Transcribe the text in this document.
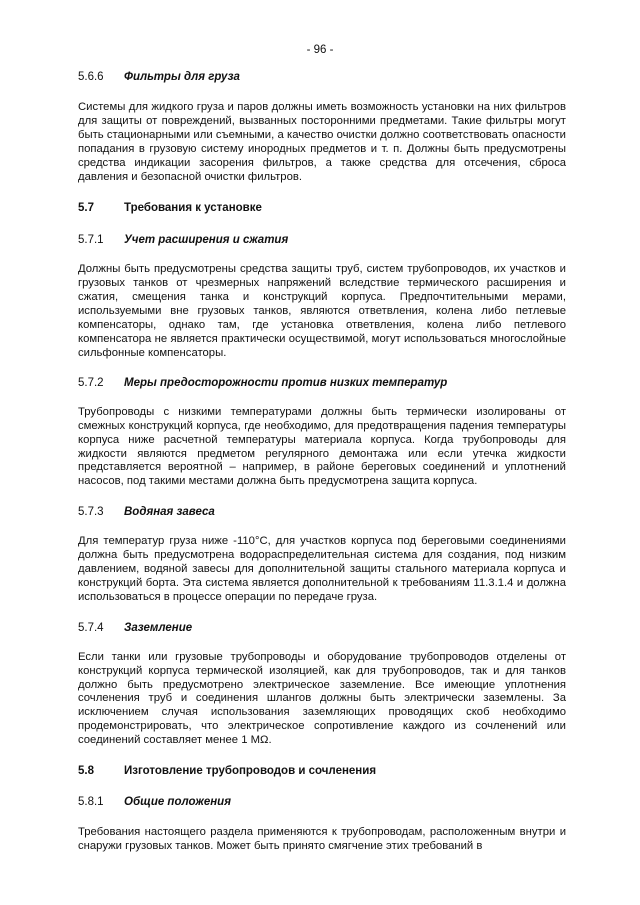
- 96 -
5.6.6	Фильтры для груза

Системы для жидкого груза и паров должны иметь возможность установки на них фильтров для защиты от повреждений, вызванных посторонними предметами. Такие фильтры могут быть стационарными или съемными, а качество очистки должно соответствовать опасности попадания в грузовую систему инородных предметов и т. п. Должны быть предусмотрены средства индикации засорения фильтров, а также средства для отсечения, сброса давления и безопасной очистки фильтров.

5.7	Требования к установке
5.7.1	Учет расширения и сжатия

Должны быть предусмотрены средства защиты труб, систем трубопроводов, их участков и грузовых танков от чрезмерных напряжений вследствие термического расширения и сжатия, смещения танка и конструкций корпуса. Предпочтительными мерами, используемыми вне грузовых танков, являются ответвления, колена либо петлевые компенсаторы, однако там, где установка ответвления, колена либо петлевого компенсатора не является практически осуществимой, могут использоваться многослойные сильфонные компенсаторы.

5.7.2	Меры предосторожности против низких температур

Трубопроводы с низкими температурами должны быть термически изолированы от смежных конструкций корпуса, где необходимо, для предотвращения падения температуры корпуса ниже расчетной температуры материала корпуса. Когда трубопроводы для жидкости являются предметом регулярного демонтажа или если утечка жидкости представляется вероятной – например, в районе береговых соединений и уплотнений насосов, под такими местами должна быть предусмотрена защита корпуса.

5.7.3	Водяная завеса

Для температур груза ниже -110°C, для участков корпуса под береговыми соединениями должна быть предусмотрена водораспределительная система для создания, под низким давлением, водяной завесы для дополнительной защиты стального материала корпуса и конструкций борта. Эта система является дополнительной к требованиям 11.3.1.4 и должна использоваться в процессе операции по передаче груза.

5.7.4	Заземление

Если танки или грузовые трубопроводы и оборудование трубопроводов отделены от конструкций корпуса термической изоляцией, как для трубопроводов, так и для танков должно быть предусмотрено электрическое заземление. Все имеющие уплотнения сочленения труб и соединения шлангов должны быть электрически заземлены. За исключением случая использования заземляющих проводящих скоб необходимо продемонстрировать, что электрическое сопротивление каждого из сочленений или соединений составляет менее 1 MΩ.

5.8	Изготовление трубопроводов и сочленения
5.8.1	Общие положения

Требования настоящего раздела применяются к трубопроводам, расположенным внутри и снаружи грузовых танков. Может быть принято смягчение этих требований в
